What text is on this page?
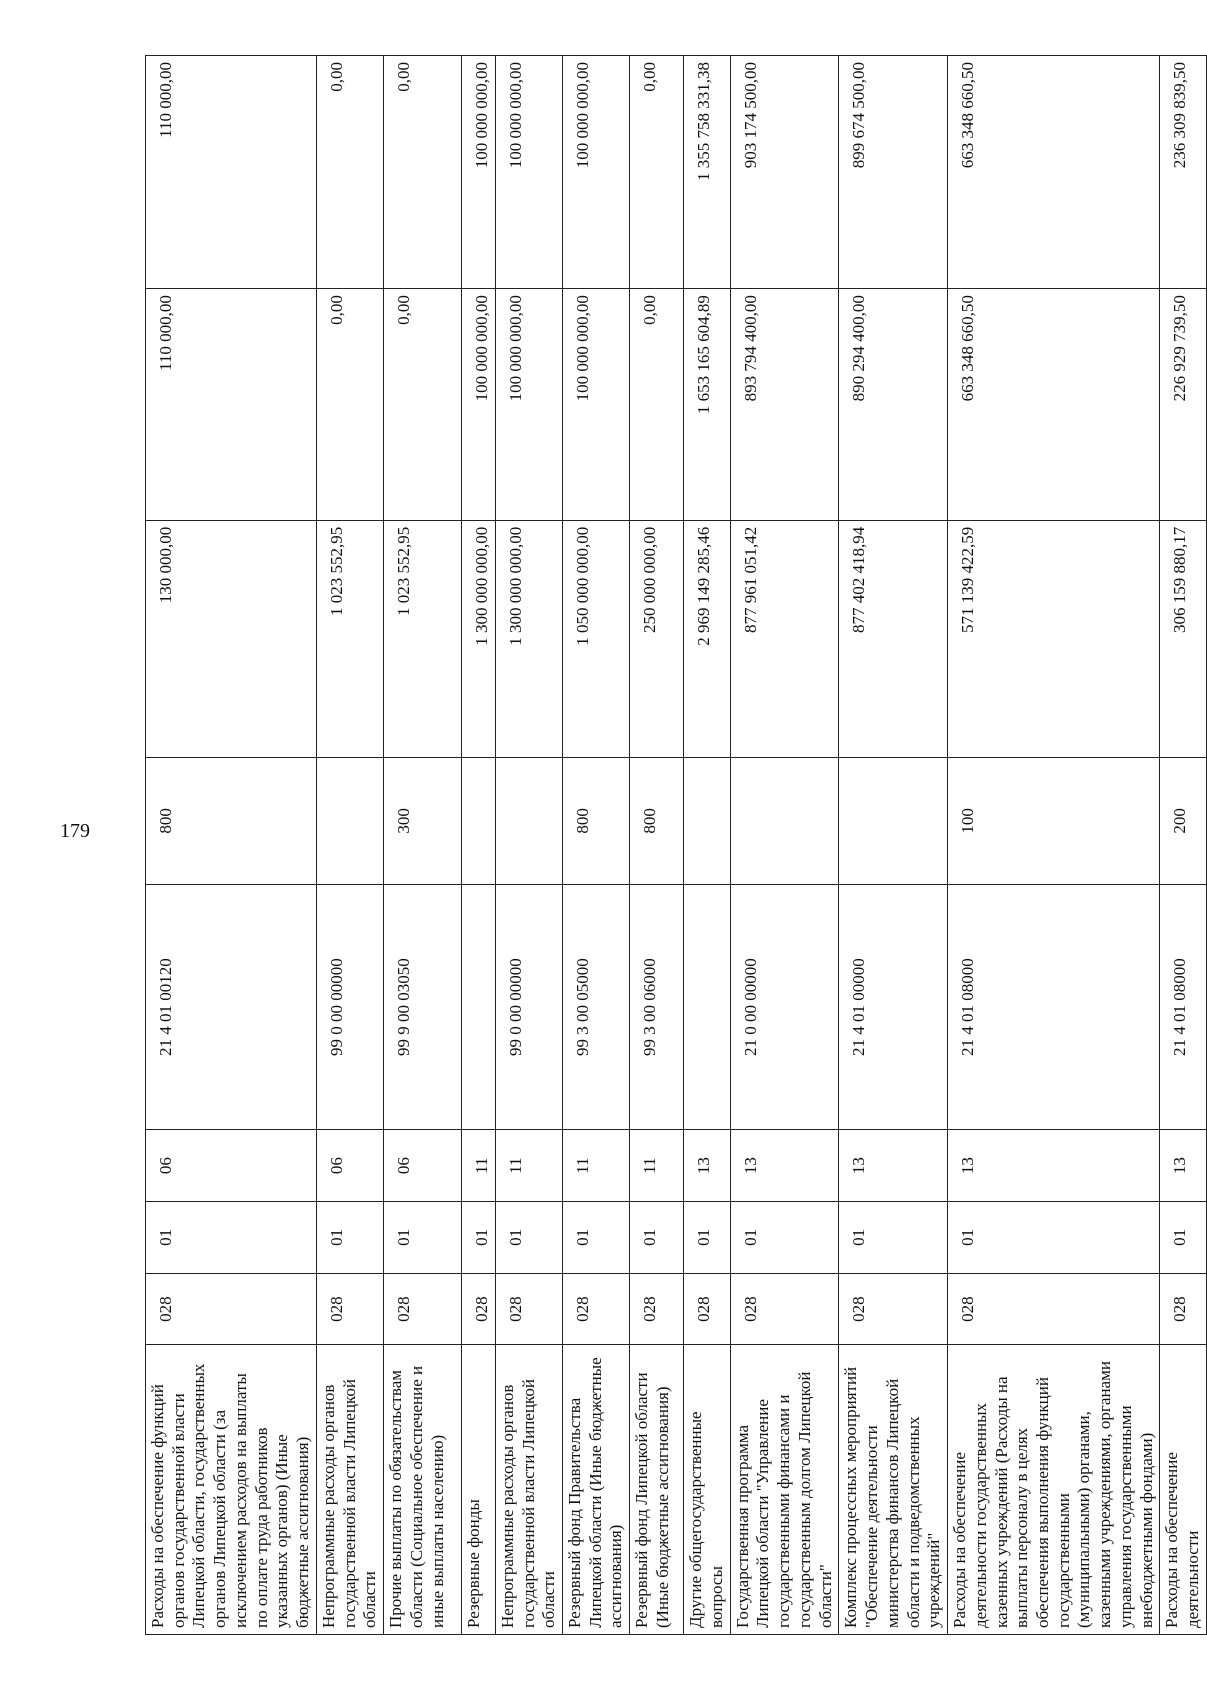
179
Расходы на обеспечение функций органов государственной власти Липецкой области, государственных органов Липецкой области (за исключением расходов на выплаты по оплате труда работников указанных органов) (Иные бюджетные ассигнования)	028	01	06	21 4 01 00120	800	130 000,00	110 000,00	110 000,00
Непрограммные расходы органов государственной власти Липецкой области	028	01	06	99 0 00 00000		1 023 552,95	0,00	0,00
Прочие выплаты по обязательствам области (Социальное обеспечение и иные выплаты населению)	028	01	06	99 9 00 03050	300	1 023 552,95	0,00	0,00
Резервные фонды	028	01	11			1 300 000 000,00	100 000 000,00	100 000 000,00
Непрограммные расходы органов государственной власти Липецкой области	028	01	11	99 0 00 00000		1 300 000 000,00	100 000 000,00	100 000 000,00
Резервный фонд Правительства Липецкой области (Иные бюджетные ассигнования)	028	01	11	99 3 00 05000	800	1 050 000 000,00	100 000 000,00	100 000 000,00
Резервный фонд Липецкой области (Иные бюджетные ассигнования)	028	01	11	99 3 00 06000	800	250 000 000,00	0,00	0,00
Другие общегосударственные вопросы	028	01	13			2 969 149 285,46	1 653 165 604,89	1 355 758 331,38
Государственная программа Липецкой области "Управление государственными финансами и государственным долгом Липецкой области"	028	01	13	21 0 00 00000		877 961 051,42	893 794 400,00	903 174 500,00
Комплекс процессных мероприятий "Обеспечение деятельности министерства финансов Липецкой области и подведомственных учреждений"	028	01	13	21 4 01 00000		877 402 418,94	890 294 400,00	899 674 500,00
Расходы на обеспечение деятельности государственных казенных учреждений (Расходы на выплаты персоналу в целях обеспечения выполнения функций государственными (муниципальными) органами, казенными учреждениями, органами управления государственными внебюджетными фондами)	028	01	13	21 4 01 08000	100	571 139 422,59	663 348 660,50	663 348 660,50
Расходы на обеспечение деятельности	028	01	13	21 4 01 08000	200	306 159 880,17	226 929 739,50	236 309 839,50
